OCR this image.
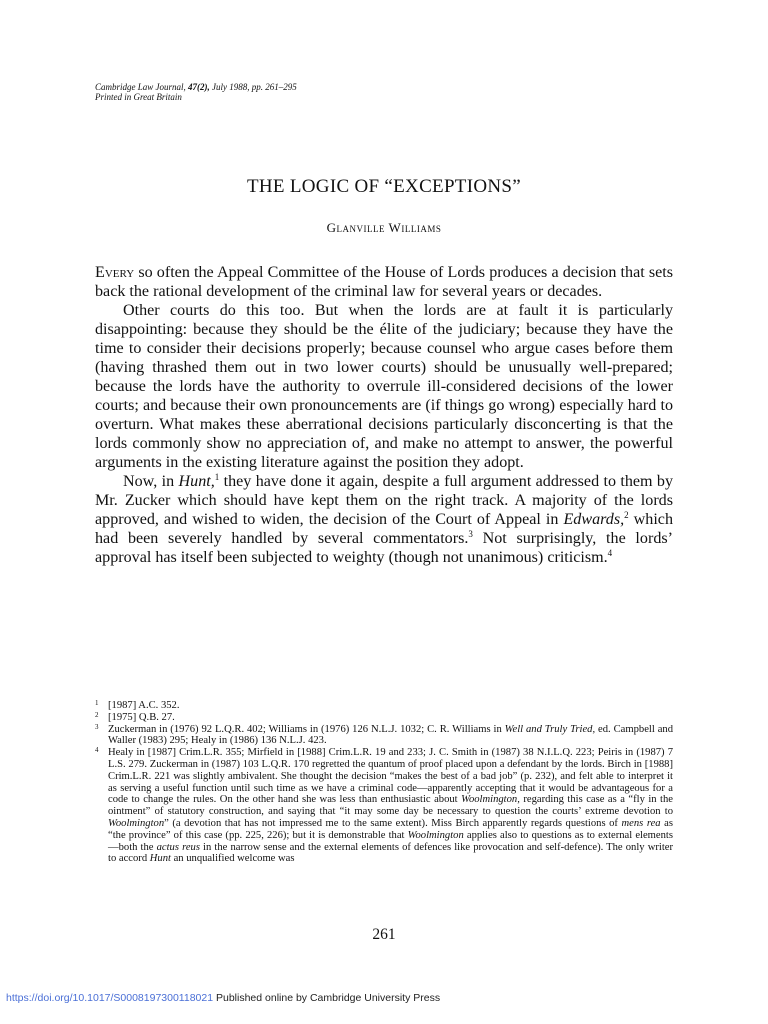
Cambridge Law Journal, 47(2), July 1988, pp. 261–295
Printed in Great Britain
THE LOGIC OF “EXCEPTIONS”
Glanville Williams

Every so often the Appeal Committee of the House of Lords produces a decision that sets back the rational development of the criminal law for several years or decades.

Other courts do this too. But when the lords are at fault it is particularly disappointing: because they should be the élite of the judiciary; because they have the time to consider their decisions properly; because counsel who argue cases before them (having thrashed them out in two lower courts) should be unusually well-prepared; because the lords have the authority to overrule ill-considered decisions of the lower courts; and because their own pronouncements are (if things go wrong) especially hard to overturn. What makes these aberrational decisions particularly disconcerting is that the lords commonly show no appreciation of, and make no attempt to answer, the powerful arguments in the existing literature against the position they adopt.

Now, in Hunt,$^1$ they have done it again, despite a full argument addressed to them by Mr. Zucker which should have kept them on the right track. A majority of the lords approved, and wished to widen, the decision of the Court of Appeal in Edwards,$^2$ which had been severely handled by several commentators.$^3$ Not surprisingly, the lords’ approval has itself been subjected to weighty (though not unanimous) criticism.$^4$

1 [1987] A.C. 352.

2 [1975] Q.B. 27.

3 Zuckerman in (1976) 92 L.Q.R. 402; Williams in (1976) 126 N.L.J. 1032; C. R. Williams in Well and Truly Tried, ed. Campbell and Waller (1983) 295; Healy in (1986) 136 N.L.J. 423.

4 Healy in [1987] Crim.L.R. 355; Mirfield in [1988] Crim.L.R. 19 and 233; J. C. Smith in (1987) 38 N.I.L.Q. 223; Peiris in (1987) 7 L.S. 279. Zuckerman in (1987) 103 L.Q.R. 170 regretted the quantum of proof placed upon a defendant by the lords. Birch in [1988] Crim.L.R. 221 was slightly ambivalent. She thought the decision “makes the best of a bad job” (p. 232), and felt able to interpret it as serving a useful function until such time as we have a criminal code—apparently accepting that it would be advantageous for a code to change the rules. On the other hand she was less than enthusiastic about Woolmington, regarding this case as a “fly in the ointment” of statutory construction, and saying that “it may some day be necessary to question the courts’ extreme devotion to Woolmington” (a devotion that has not impressed me to the same extent). Miss Birch apparently regards questions of mens rea as “the province” of this case (pp. 225, 226); but it is demonstrable that Woolmington applies also to questions as to external elements—both the actus reus in the narrow sense and the external elements of defences like provocation and self-defence). The only writer to accord Hunt an unqualified welcome was

261
https://doi.org/10.1017/S0008197300118021 Published online by Cambridge University Press
